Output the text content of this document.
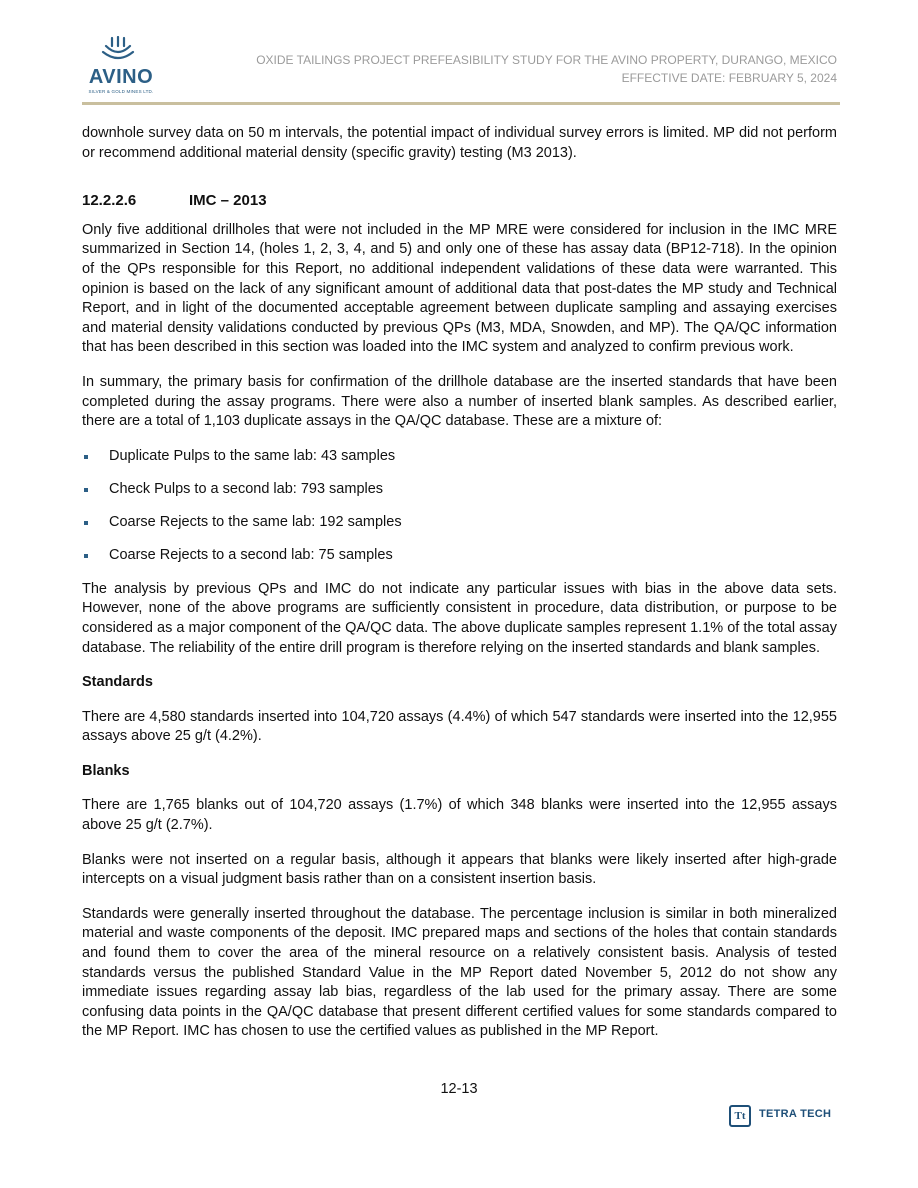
AVINO
SILVER & GOLD MINES LTD.
OXIDE TAILINGS PROJECT PREFEASIBILITY STUDY FOR THE AVINO PROPERTY, DURANGO, MEXICO
EFFECTIVE DATE: FEBRUARY 5, 2024

downhole survey data on 50 m intervals, the potential impact of individual survey errors is limited. MP did not perform or recommend additional material density (specific gravity) testing (M3 2013).

12.2.2.6	IMC – 2013

Only five additional drillholes that were not included in the MP MRE were considered for inclusion in the IMC MRE summarized in Section 14, (holes 1, 2, 3, 4, and 5) and only one of these has assay data (BP12-718). In the opinion of the QPs responsible for this Report, no additional independent validations of these data were warranted. This opinion is based on the lack of any significant amount of additional data that post-dates the MP study and Technical Report, and in light of the documented acceptable agreement between duplicate sampling and assaying exercises and material density validations conducted by previous QPs (M3, MDA, Snowden, and MP). The QA/QC information that has been described in this section was loaded into the IMC system and analyzed to confirm previous work.

In summary, the primary basis for confirmation of the drillhole database are the inserted standards that have been completed during the assay programs. There were also a number of inserted blank samples. As described earlier, there are a total of 1,103 duplicate assays in the QA/QC database. These are a mixture of:

Duplicate Pulps to the same lab: 43 samples
Check Pulps to a second lab: 793 samples
Coarse Rejects to the same lab: 192 samples
Coarse Rejects to a second lab: 75 samples

The analysis by previous QPs and IMC do not indicate any particular issues with bias in the above data sets. However, none of the above programs are sufficiently consistent in procedure, data distribution, or purpose to be considered as a major component of the QA/QC data. The above duplicate samples represent 1.1% of the total assay database. The reliability of the entire drill program is therefore relying on the inserted standards and blank samples.

Standards

There are 4,580 standards inserted into 104,720 assays (4.4%) of which 547 standards were inserted into the 12,955 assays above 25 g/t (4.2%).

Blanks

There are 1,765 blanks out of 104,720 assays (1.7%) of which 348 blanks were inserted into the 12,955 assays above 25 g/t (2.7%).

Blanks were not inserted on a regular basis, although it appears that blanks were likely inserted after high-grade intercepts on a visual judgment basis rather than on a consistent insertion basis.

Standards were generally inserted throughout the database. The percentage inclusion is similar in both mineralized material and waste components of the deposit. IMC prepared maps and sections of the holes that contain standards and found them to cover the area of the mineral resource on a relatively consistent basis. Analysis of tested standards versus the published Standard Value in the MP Report dated November 5, 2012 do not show any immediate issues regarding assay lab bias, regardless of the lab used for the primary assay. There are some confusing data points in the QA/QC database that present different certified values for some standards compared to the MP Report. IMC has chosen to use the certified values as published in the MP Report.

12-13
Tt	TETRA TECH
